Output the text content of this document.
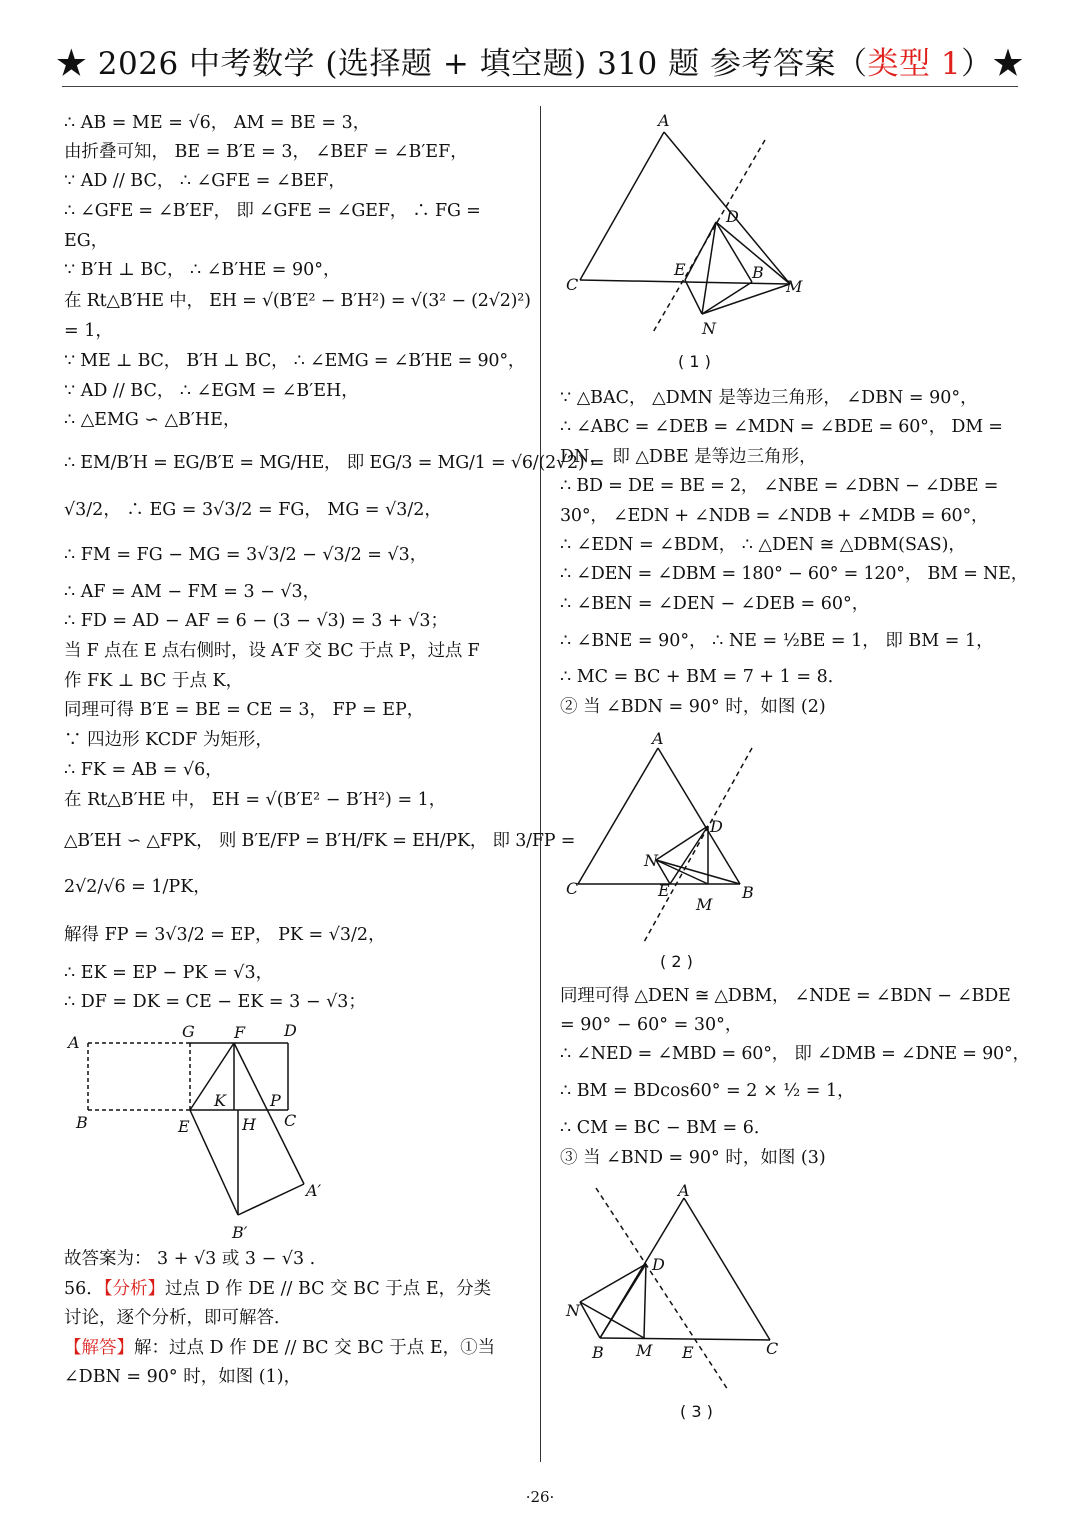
★ 2026 中考数学 (选择题 + 填空题) 310 题 参考答案（类型 1）★
∴ AB = ME = √6， AM = BE = 3，
由折叠可知， BE = B′E = 3， ∠BEF = ∠B′EF，
∵ AD // BC， ∴ ∠GFE = ∠BEF，
∴ ∠GFE = ∠B′EF， 即 ∠GFE = ∠GEF， ∴ FG =
EG，
∵ B′H ⊥ BC， ∴ ∠B′HE = 90°，
在 Rt△B′HE 中， EH = √(B′E² − B′H²) = √(3² − (2√2)²)
= 1，
∵ ME ⊥ BC， B′H ⊥ BC， ∴ ∠EMG = ∠B′HE = 90°，
∵ AD // BC， ∴ ∠EGM = ∠B′EH，
∴ △EMG ∽ △B′HE，
∴ EM/B′H = EG/B′E = MG/HE， 即 EG/3 = MG/1 = √6/(2√2) =
√3/2， ∴ EG = 3√3/2 = FG， MG = √3/2，
∴ FM = FG − MG = 3√3/2 − √3/2 = √3，
∴ AF = AM − FM = 3 − √3，
∴ FD = AD − AF = 6 − (3 − √3) = 3 + √3；
当 F 点在 E 点右侧时，设 A′F 交 BC 于点 P，过点 F
作 FK ⊥ BC 于点 K，
同理可得 B′E = BE = CE = 3， FP = EP，
∵ 四边形 KCDF 为矩形，
∴ FK = AB = √6，
在 Rt△B′HE 中， EH = √(B′E² − B′H²) = 1，
△B′EH ∽ △FPK， 则 B′E/FP = B′H/FK = EH/PK， 即 3/FP =
2√2/√6 = 1/PK，
解得 FP = 3√3/2 = EP， PK = √3/2，
∴ EK = EP − PK = √3，
∴ DF = DK = CE − EK = 3 − √3；
A
G F D
K	P
B	E	H C
A′
B′
故答案为： 3 + √3 或 3 − √3 .
56．【分析】过点 D 作 DE // BC 交 BC 于点 E，分类
讨论，逐个分析，即可解答．
【解答】解：过点 D 作 DE // BC 交 BC 于点 E，①当
∠DBN = 90° 时，如图 (1)，
A
D
C
E	B
M
N
( 1 )
∵ △BAC， △DMN 是等边三角形， ∠DBN = 90°，
∴ ∠ABC = ∠DEB = ∠MDN = ∠BDE = 60°， DM =
DN， 即 △DBE 是等边三角形，
∴ BD = DE = BE = 2， ∠NBE = ∠DBN − ∠DBE =
30°， ∠EDN + ∠NDB = ∠NDB + ∠MDB = 60°，
∴ ∠EDN = ∠BDM， ∴ △DEN ≅ △DBM(SAS)，
∴ ∠DEN = ∠DBM = 180° − 60° = 120°， BM = NE，
∴ ∠BEN = ∠DEN − ∠DEB = 60°，
∴ ∠BNE = 90°， ∴ NE = ½BE = 1， 即 BM = 1，
∴ MC = BC + BM = 7 + 1 = 8．
② 当 ∠BDN = 90° 时，如图 (2)
A
D
N
C	E	B
M
( 2 )
同理可得 △DEN ≅ △DBM， ∠NDE = ∠BDN − ∠BDE
= 90° − 60° = 30°，
∴ ∠NED = ∠MBD = 60°， 即 ∠DMB = ∠DNE = 90°，
∴ BM = BDcos60° = 2 × ½ = 1，
∴ CM = BC − BM = 6．
③ 当 ∠BND = 90° 时，如图 (3)
A
D
N
B M E	C
( 3 )
·26·
